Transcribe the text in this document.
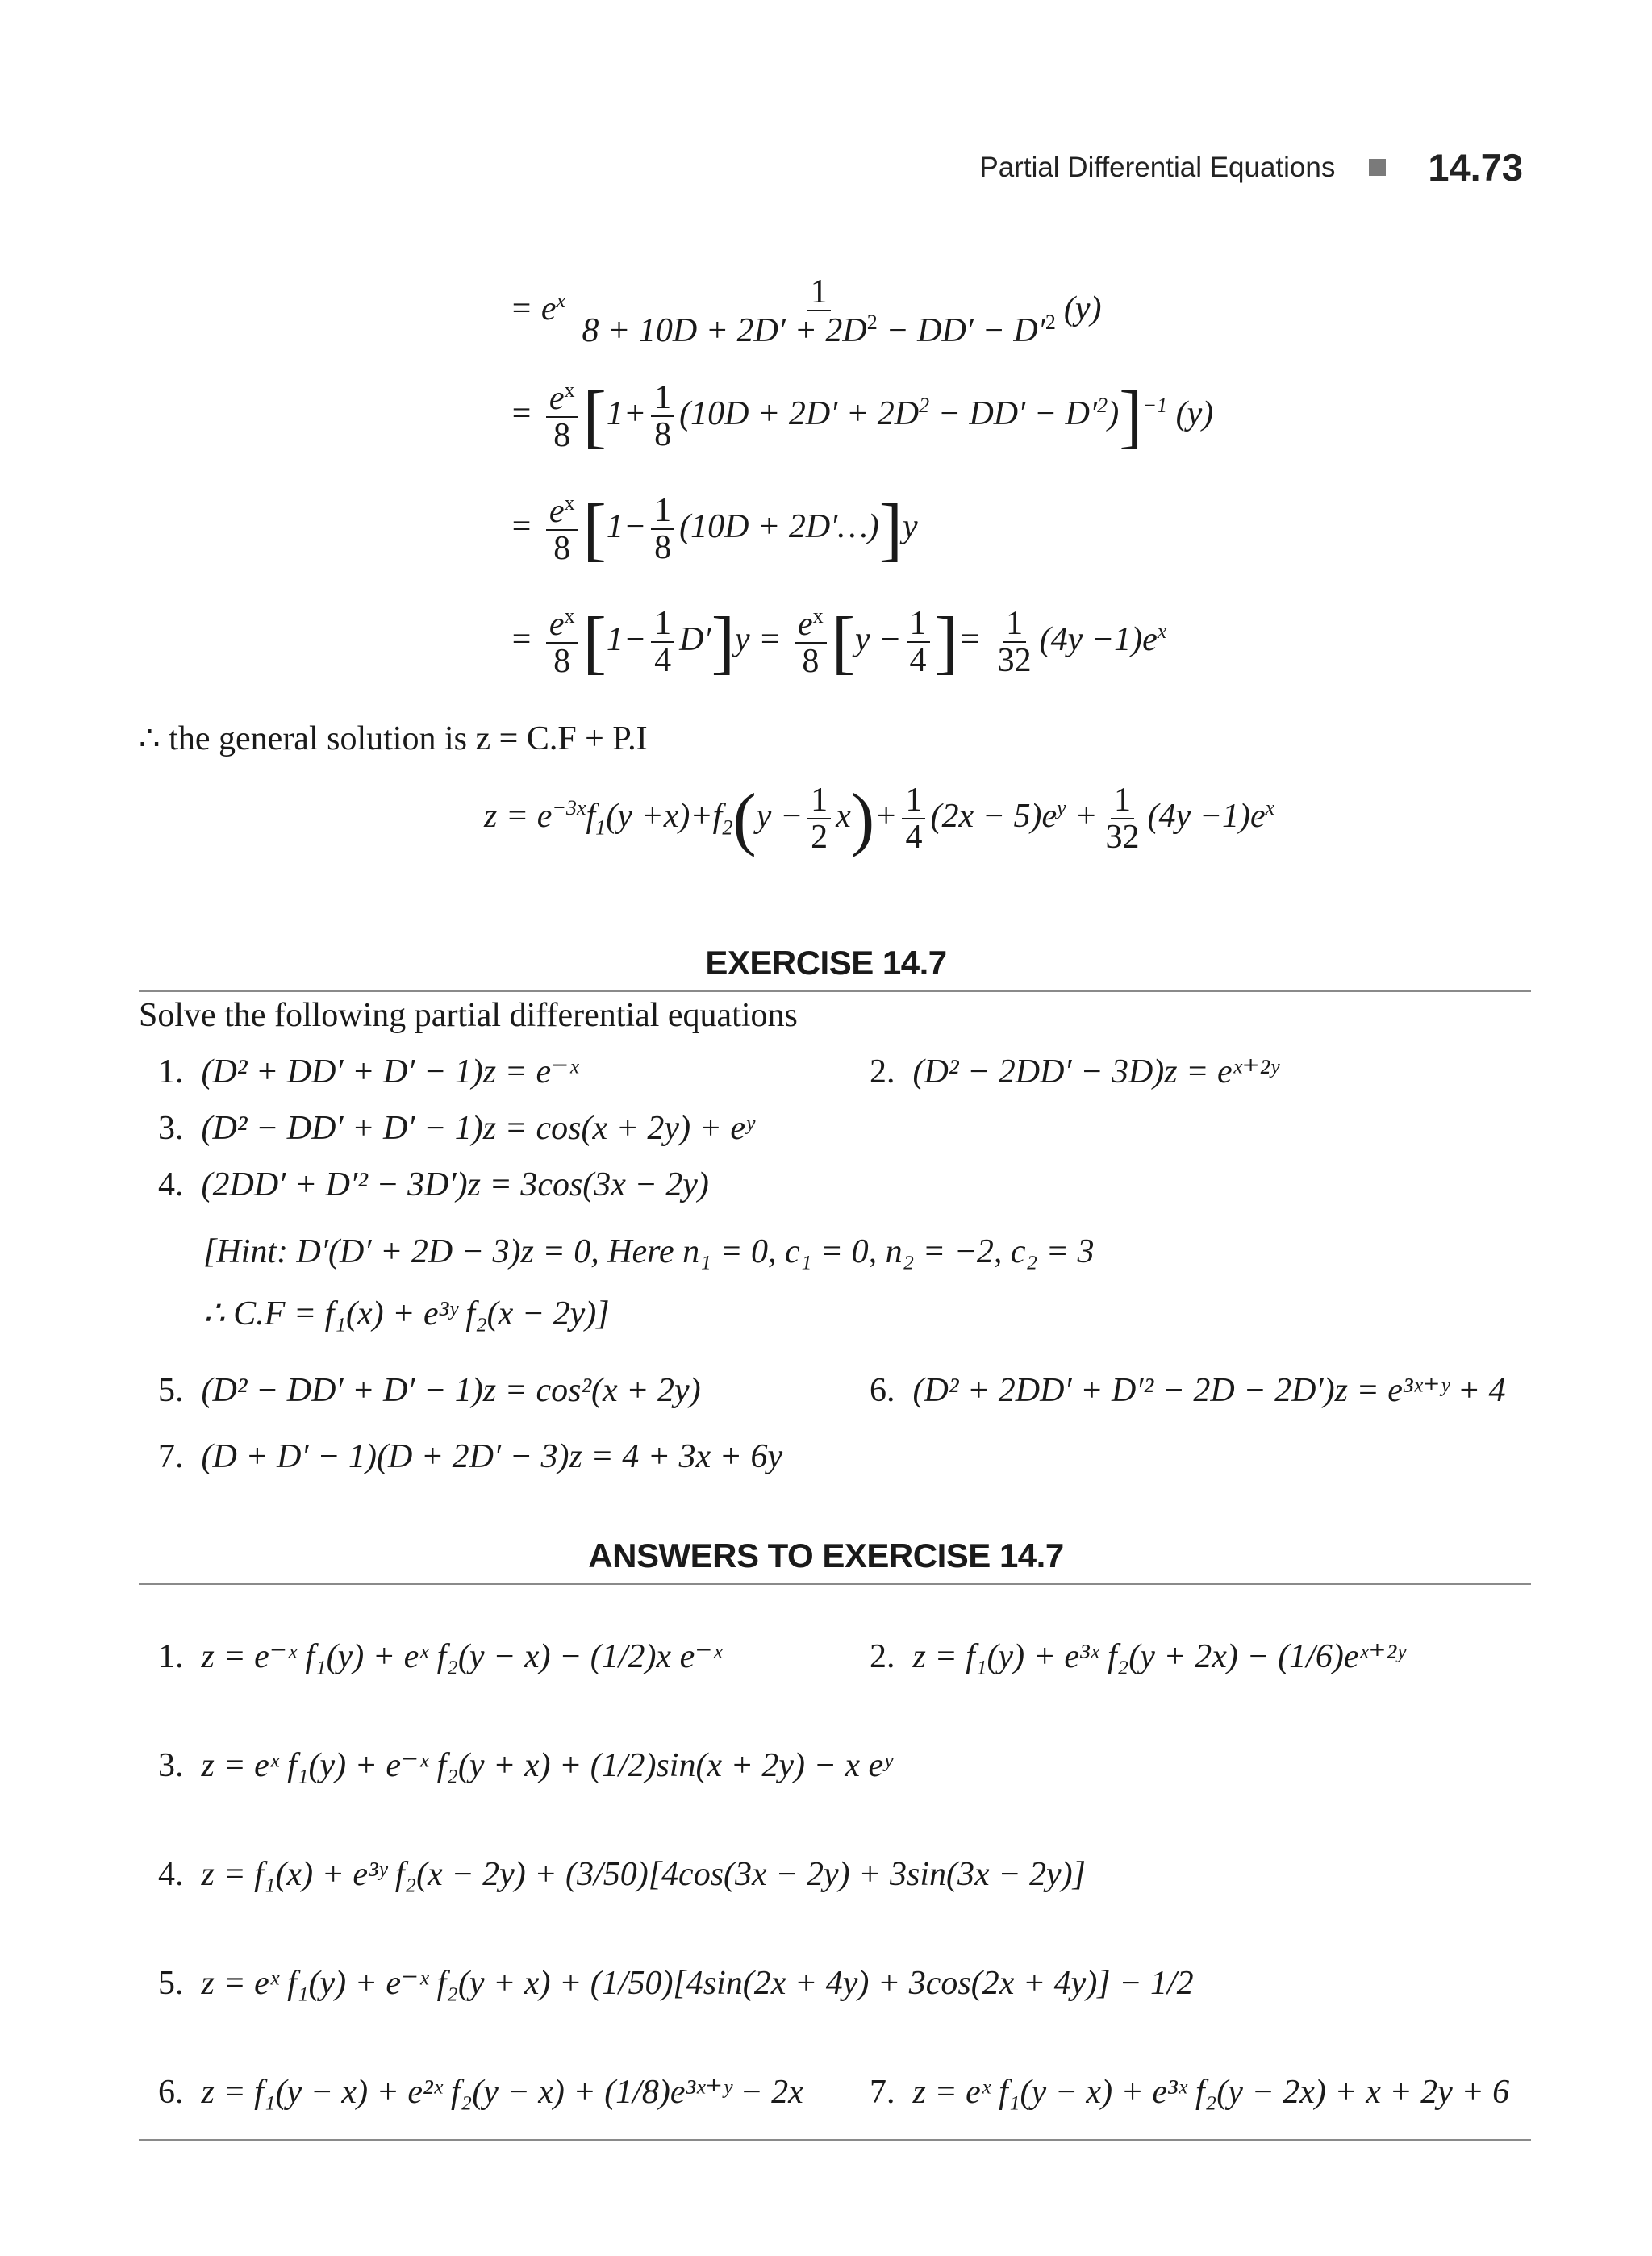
Partial Differential Equations 14.73
= $e^x \frac{1}{8 + 10D + 2D' + 2D^2 - DD' - D'^2} (y)$
= $\frac{e^x}{8} [1+ \frac{1}{8} (10D + 2D' + 2D^2 - DD' - D'^2)]^{-1}$ (y)
= $\frac{e^x}{8} [1- \frac{1}{8} (10D$ + 2D′…)]y
= $\frac{e^x}{8} [1- \frac{1}{4} D']y = \frac{e^x}{8} [y - \frac{1}{4}$ ]= $\frac{1}{32} (4y -1)e^x$
∴ the general solution is z = C.F + P.I
$z = e^{-3x}f_1(y +x)+f_2(y - \frac{1}{2} x)+ \frac{1}{4} (2x - 5)e^y + \frac{1}{32} (4y -1)e^x$
EXERCISE 14.7
Solve the following partial differential equations
1. (D² + DD′ + D′ − 1)z = e⁻ˣ	2. (D² − 2DD′ − 3D)z = eˣ⁺²ʸ
3. (D² − DD′ + D′ − 1)z = cos(x + 2y) + eʸ
4. (2DD′ + D′² − 3D′)z = 3cos(3x − 2y)
[Hint: D′(D′ + 2D − 3)z = 0, Here n₁ = 0, c₁ = 0, n₂ = −2, c₂ = 3
∴ C.F = f₁(x) + e³ʸ f₂(x − 2y)]
5. (D² − DD′ + D′ − 1)z = cos²(x + 2y)	6. (D² + 2DD′ + D′² − 2D − 2D′)z = e³ˣ⁺ʸ + 4
7. (D + D′ − 1)(D + 2D′ − 3)z = 4 + 3x + 6y
ANSWERS TO EXERCISE 14.7
1. z = e⁻ˣ f₁(y) + eˣ f₂(y − x) − (1/2)x e⁻ˣ	2. z = f₁(y) + e³ˣ f₂(y + 2x) − (1/6)eˣ⁺²ʸ
3. z = eˣ f₁(y) + e⁻ˣ f₂(y + x) + (1/2)sin(x + 2y) − x eʸ
4. z = f₁(x) + e³ʸ f₂(x − 2y) + (3/50)[4cos(3x − 2y) + 3sin(3x − 2y)]
5. z = eˣ f₁(y) + e⁻ˣ f₂(y + x) + (1/50)[4sin(2x + 4y) + 3cos(2x + 4y)] − 1/2
6. z = f₁(y − x) + e²ˣ f₂(y − x) + (1/8)e³ˣ⁺ʸ − 2x 7. z = eˣ f₁(y − x) + e³ˣ f₂(y − 2x) + x + 2y + 6
